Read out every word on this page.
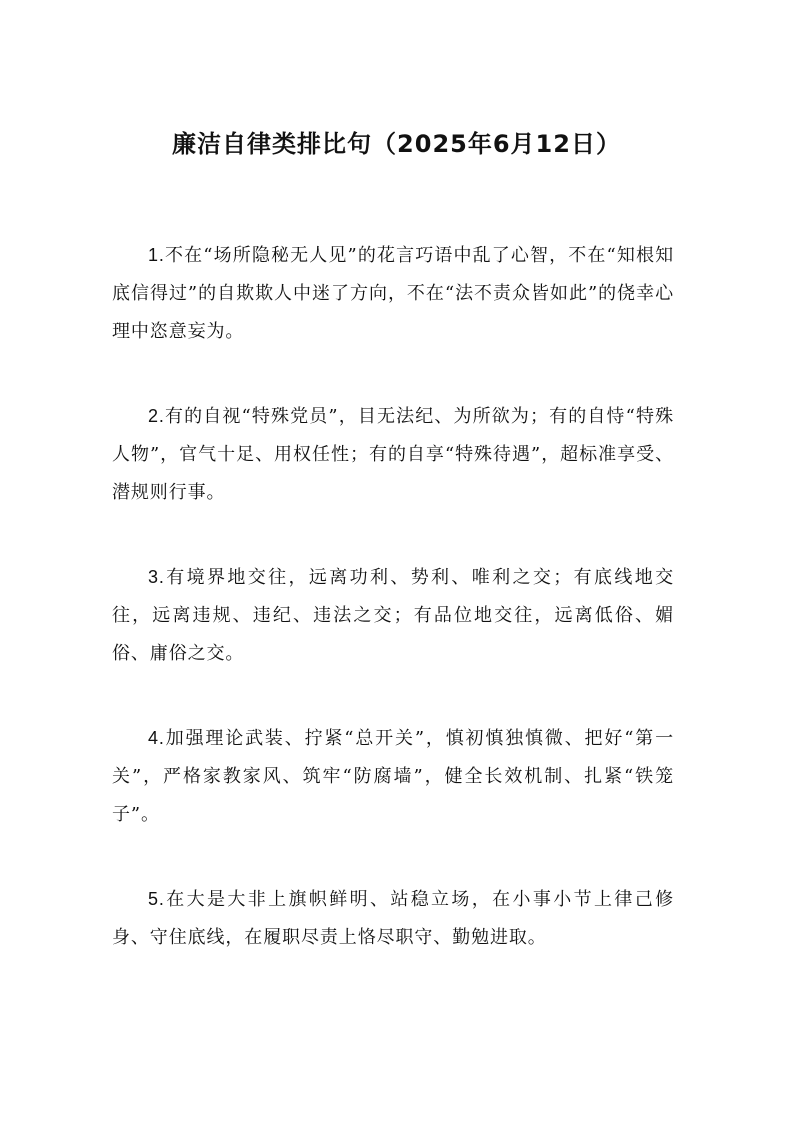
廉洁自律类排比句（2025年6月12日）

1.不在“场所隐秘无人见”的花言巧语中乱了心智，不在“知根知底信得过”的自欺欺人中迷了方向，不在“法不责众皆如此”的侥幸心理中恣意妄为。

2.有的自视“特殊党员”，目无法纪、为所欲为；有的自恃“特殊人物”，官气十足、用权任性；有的自享“特殊待遇”，超标准享受、潜规则行事。

3.有境界地交往，远离功利、势利、唯利之交；有底线地交往，远离违规、违纪、违法之交；有品位地交往，远离低俗、媚俗、庸俗之交。

4.加强理论武装、拧紧“总开关”，慎初慎独慎微、把好“第一关”，严格家教家风、筑牢“防腐墙”，健全长效机制、扎紧“铁笼子”。

5.在大是大非上旗帜鲜明、站稳立场，在小事小节上律己修身、守住底线，在履职尽责上恪尽职守、勤勉进取。
